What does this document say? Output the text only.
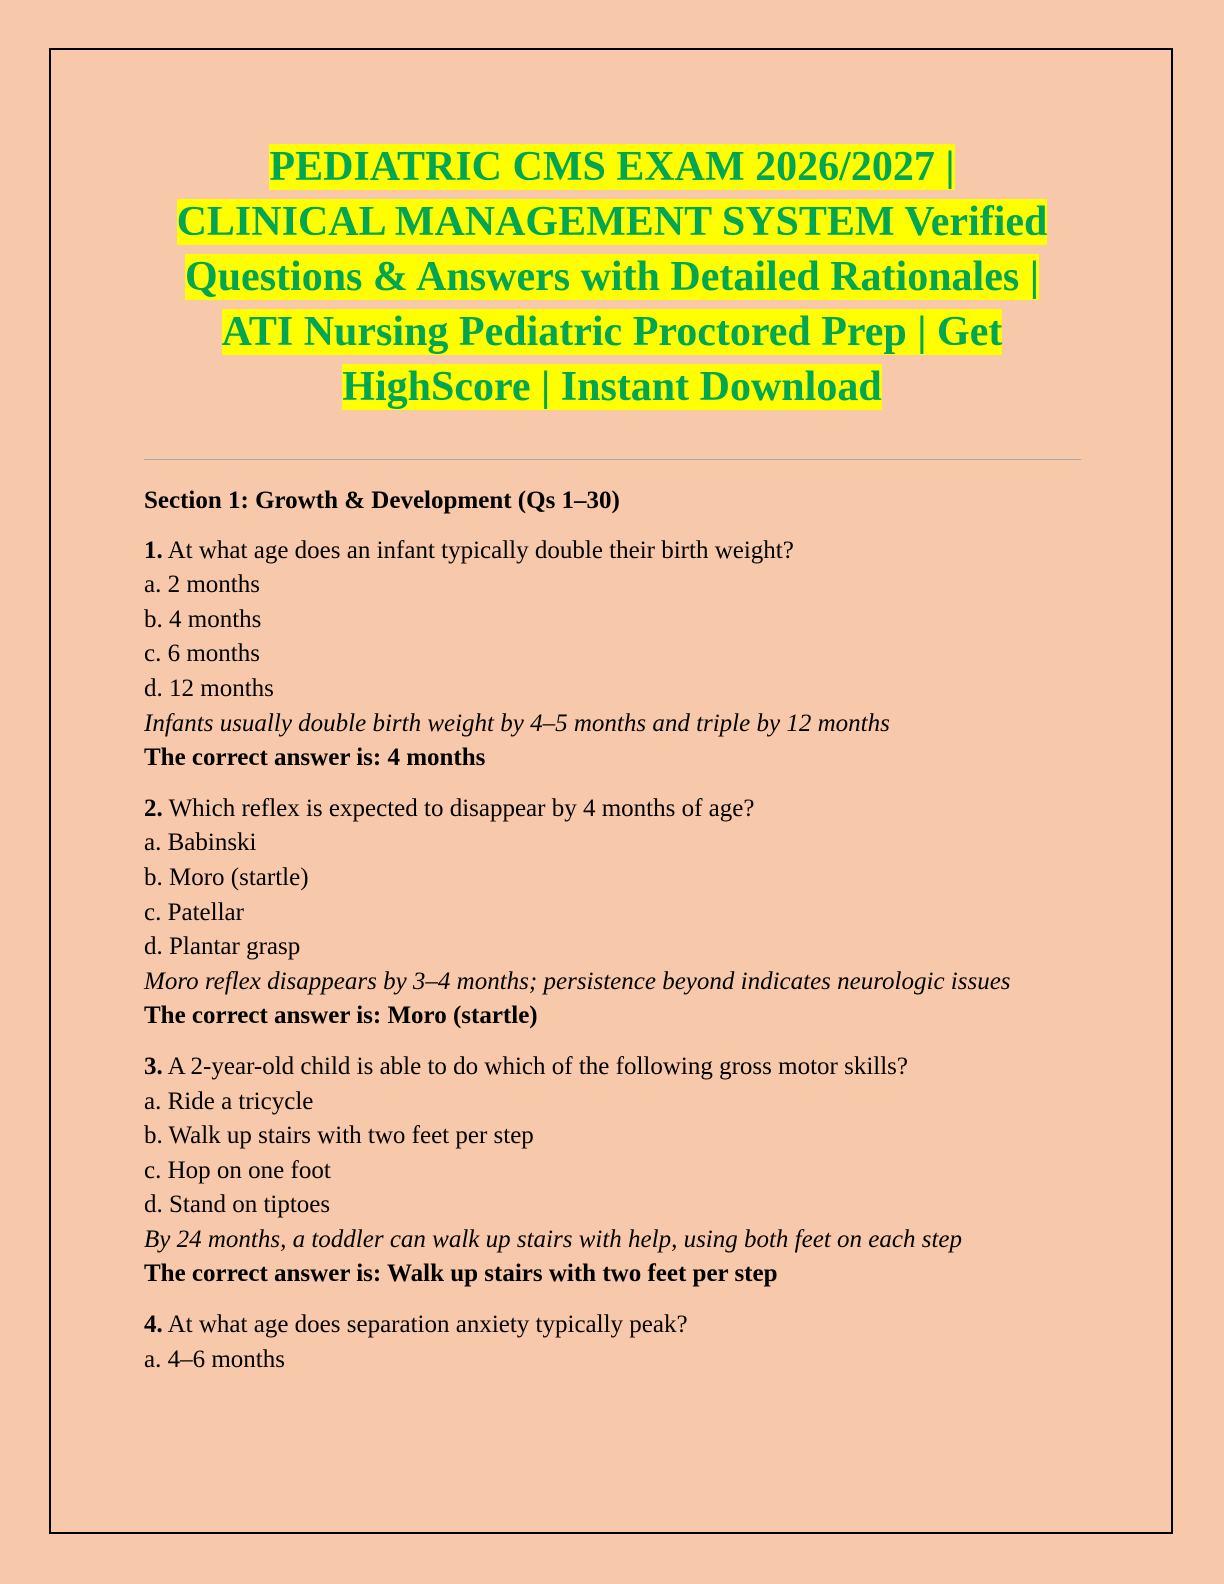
PEDIATRIC CMS EXAM 2026/2027 |
CLINICAL MANAGEMENT SYSTEM Verified
Questions & Answers with Detailed Rationales |
ATI Nursing Pediatric Proctored Prep | Get
HighScore | Instant Download
Section 1: Growth & Development (Qs 1–30)
1. At what age does an infant typically double their birth weight?
a. 2 months
b. 4 months
c. 6 months
d. 12 months
Infants usually double birth weight by 4–5 months and triple by 12 months
The correct answer is: 4 months
2. Which reflex is expected to disappear by 4 months of age?
a. Babinski
b. Moro (startle)
c. Patellar
d. Plantar grasp
Moro reflex disappears by 3–4 months; persistence beyond indicates neurologic issues
The correct answer is: Moro (startle)
3. A 2-year-old child is able to do which of the following gross motor skills?
a. Ride a tricycle
b. Walk up stairs with two feet per step
c. Hop on one foot
d. Stand on tiptoes
By 24 months, a toddler can walk up stairs with help, using both feet on each step
The correct answer is: Walk up stairs with two feet per step
4. At what age does separation anxiety typically peak?
a. 4–6 months
